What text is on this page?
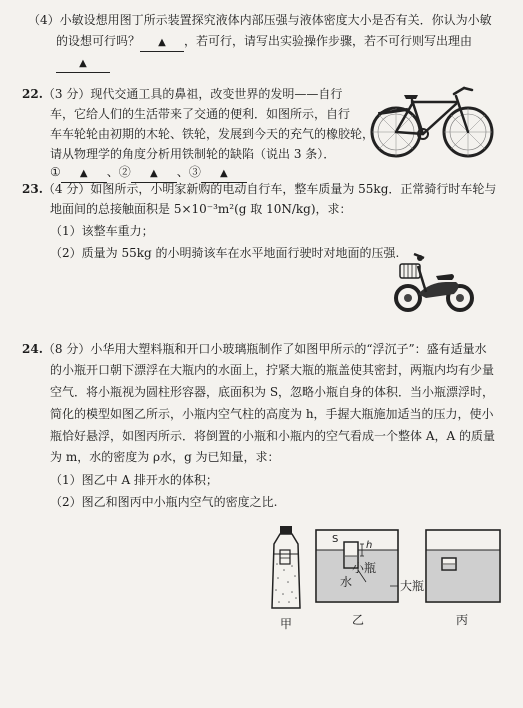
（4）小敏设想用图丁所示装置探究液体内部压强与液体密度大小是否有关．你认为小敏
的设想可行吗？ ▲ ，若可行，请写出实验操作步骤，若不可行则写出理由
▲
22.（3 分）现代交通工具的鼻祖，改变世界的发明——自行
车，它给人们的生活带来了交通的便利．如图所示，自行
车车轮轮由初期的木轮、铁轮，发展到今天的充气的橡胶轮，
请从物理学的角度分析用铁制轮的缺陷（说出 3 条）．
① ▲ 、② ▲ 、③ ▲
23.（4 分）如图所示，小明家新购的电动自行车，整车质量为 55kg．正常骑行时车轮与
地面间的总接触面积是 5×10⁻³m²(g 取 10N/kg)，求：
（1）该整车重力；
（2）质量为 55kg 的小明骑该车在水平地面行驶时对地面的压强.
24.（8 分）小华用大塑料瓶和开口小玻璃瓶制作了如图甲所示的“浮沉子”：盛有适量水
的小瓶开口朝下漂浮在大瓶内的水面上，拧紧大瓶的瓶盖使其密封，两瓶内均有少量
空气．将小瓶视为圆柱形容器，底面积为 S，忽略小瓶自身的体积．当小瓶漂浮时，
简化的模型如图乙所示，小瓶内空气柱的高度为 h，手握大瓶施加适当的压力，使小
瓶恰好悬浮，如图丙所示．将倒置的小瓶和小瓶内的空气看成一个整体 A，A 的质量
为 m，水的密度为 ρ水，g 为已知量，求：
（1）图乙中 A 排开水的体积；
（2）图乙和图丙中小瓶内空气的密度之比.
甲
S
h
水
小瓶
大瓶
乙	丙
